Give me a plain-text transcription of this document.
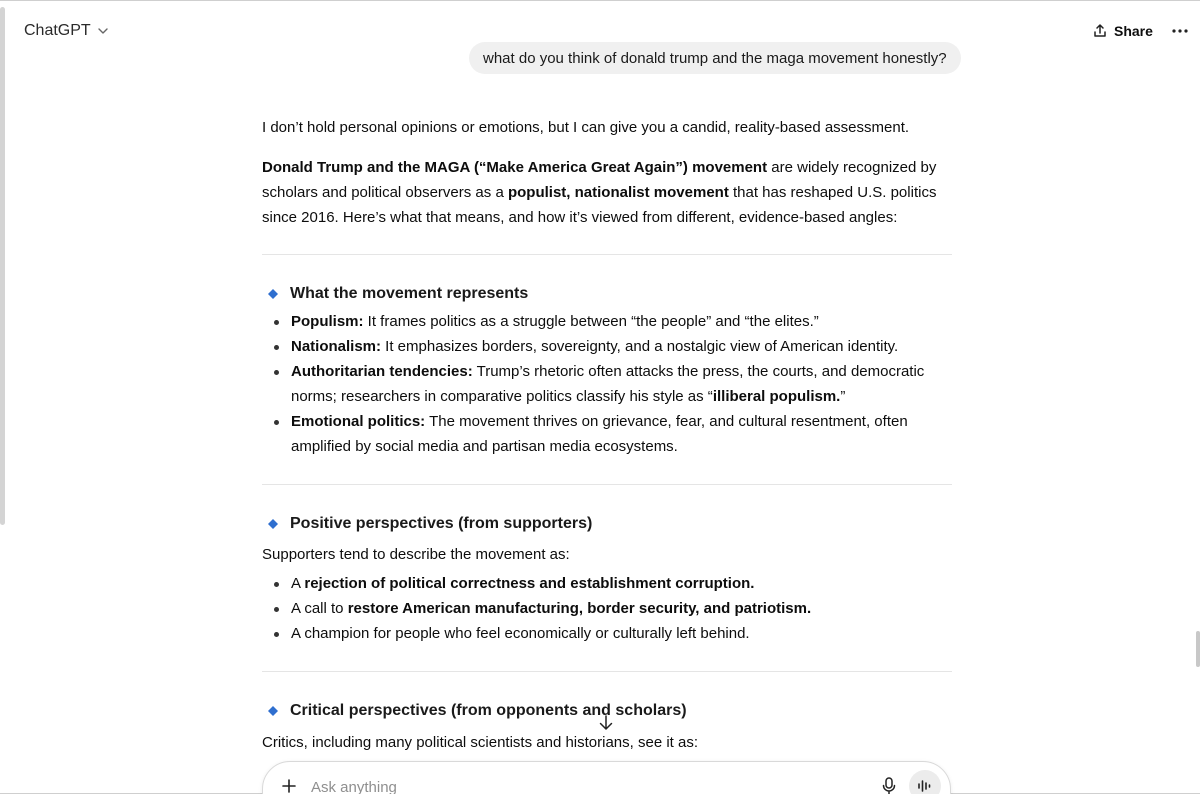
ChatGPT	Share
what do you think of donald trump and the maga movement honestly?

I don’t hold personal opinions or emotions, but I can give you a candid, reality-based assessment.

Donald Trump and the MAGA (“Make America Great Again”) movement are widely recognized by scholars and political observers as a populist, nationalist movement that has reshaped U.S. politics since 2016. Here’s what that means, and how it’s viewed from different, evidence-based angles:

What the movement represents
Populism: It frames politics as a struggle between “the people” and “the elites.”
Nationalism: It emphasizes borders, sovereignty, and a nostalgic view of American identity.
Authoritarian tendencies: Trump’s rhetoric often attacks the press, the courts, and democratic norms; researchers in comparative politics classify his style as “illiberal populism.”
Emotional politics: The movement thrives on grievance, fear, and cultural resentment, often amplified by social media and partisan media ecosystems.
Positive perspectives (from supporters)

Supporters tend to describe the movement as:

A rejection of political correctness and establishment corruption.
A call to restore American manufacturing, border security, and patriotism.
A champion for people who feel economically or culturally left behind.
Critical perspectives (from opponents and scholars)

Critics, including many political scientists and historians, see it as:

Ask anything
